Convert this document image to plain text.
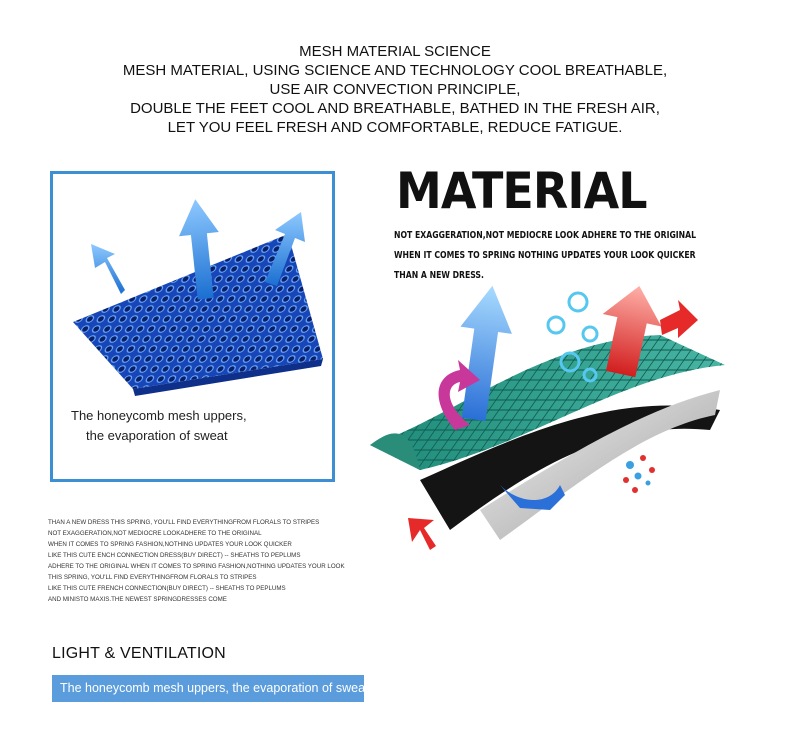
MESH MATERIAL SCIENCE
MESH MATERIAL, USING SCIENCE AND TECHNOLOGY COOL BREATHABLE,
USE AIR CONVECTION PRINCIPLE,
DOUBLE THE FEET COOL AND BREATHABLE, BATHED IN THE FRESH AIR,
LET YOU FEEL FRESH AND COMFORTABLE, REDUCE FATIGUE.
The honeycomb mesh uppers,
the evaporation of sweat
MATERIAL
NOT EXAGGERATION,NOT MEDIOCRE LOOK ADHERE TO THE ORIGINAL
WHEN IT COMES TO SPRING NOTHING UPDATES YOUR LOOK QUICKER
THAN A NEW DRESS.
THAN A NEW DRESS THIS SPRING, YOU'LL FIND EVERYTHINGFROM FLORALS TO STRIPES
NOT EXAGGERATION,NOT MEDIOCRE LOOKADHERE TO THE ORIGINAL
WHEN IT COMES TO SPRING FASHION,NOTHING UPDATES YOUR LOOK QUICKER
LIKE THIS CUTE ENCH CONNECTION DRESS(BUY DIRECT) -- SHEATHS TO PEPLUMS
ADHERE TO THE ORIGINAL WHEN IT COMES TO SPRING FASHION,NOTHING UPDATES YOUR LOOK
THIS SPRING, YOU'LL FIND EVERYTHINGFROM FLORALS TO STRIPES
LIKE THIS CUTE FRENCH CONNECTION(BUY DIRECT) -- SHEATHS TO PEPLUMS
AND MINISTO MAXIS.THE NEWEST SPRINGDRESSES COME
LIGHT & VENTILATION
The honeycomb mesh uppers, the evaporation of sweat
